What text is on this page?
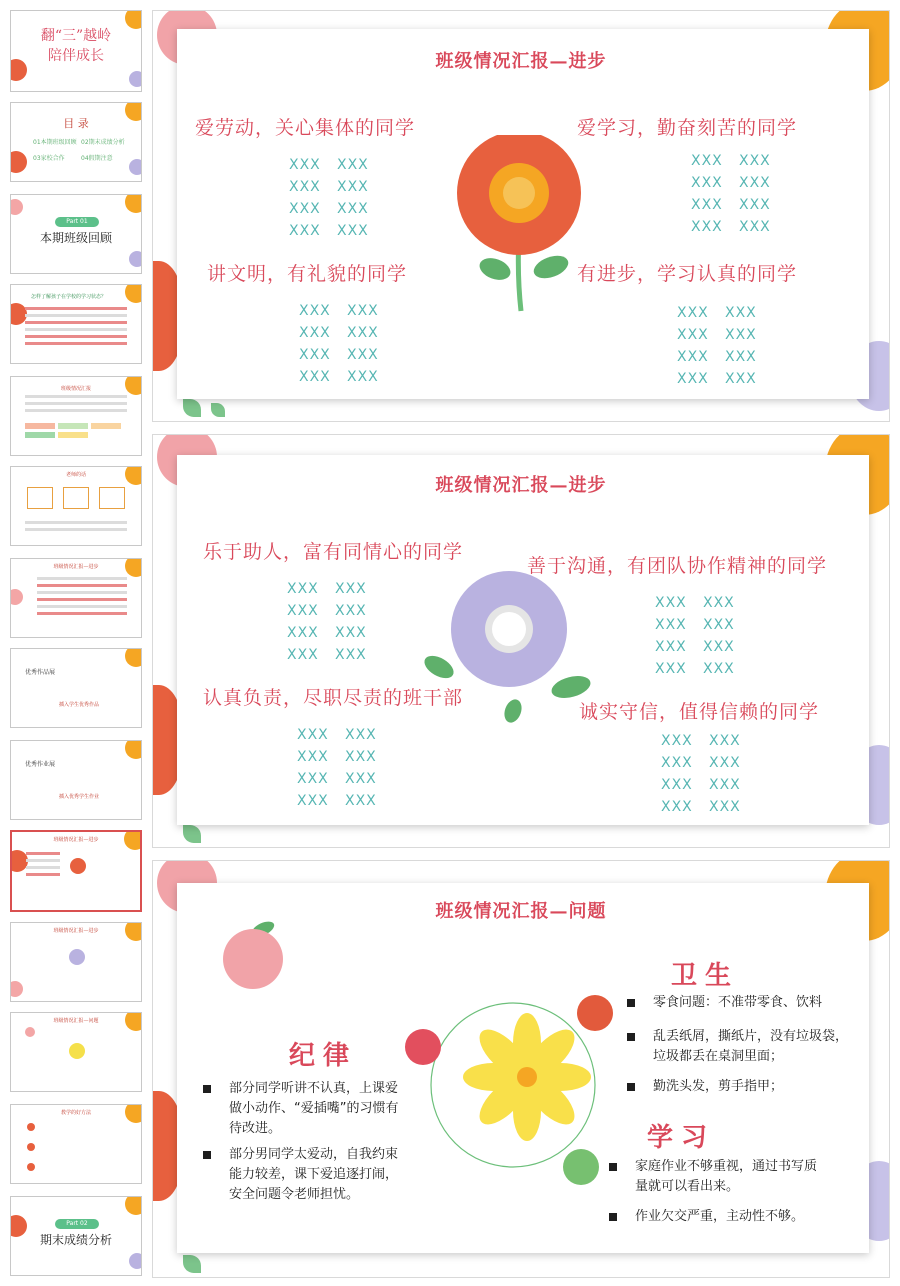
翻“三”越岭
陪伴成长
目 录
01本期班级回顾 02期末成绩分析
03家校合作	04假期注意
Part 01
本期班级回顾
怎样了解孩子在学校的学习状态？
班级情况汇报
老师的话
班级情况汇报—进步
优秀作品展
插入学生优秀作品
优秀作业展
插入优秀学生作业
班级情况汇报—进步
班级情况汇报—进步
班级情况汇报—问题
教学的好方法
Part 02
期末成绩分析
班级情况汇报—进步
爱劳动，关心集体的同学
XXX	XXX
XXX	XXX
XXX	XXX
XXX	XXX
爱学习，勤奋刻苦的同学
XXX	XXX
XXX	XXX
XXX	XXX
XXX	XXX
讲文明，有礼貌的同学
XXX	XXX
XXX	XXX
XXX	XXX
XXX	XXX
有进步，学习认真的同学
XXX	XXX
XXX	XXX
XXX	XXX
XXX	XXX
班级情况汇报—进步
乐于助人，富有同情心的同学
XXX	XXX
XXX	XXX
XXX	XXX
XXX	XXX
善于沟通，有团队协作精神的同学
XXX	XXX
XXX	XXX
XXX	XXX
XXX	XXX
认真负责，尽职尽责的班干部
XXX	XXX
XXX	XXX
XXX	XXX
XXX	XXX
诚实守信，值得信赖的同学
XXX	XXX
XXX	XXX
XXX	XXX
XXX	XXX
班级情况汇报—问题
纪律
部分同学听讲不认真，上课爱做小动作、“爱插嘴”的习惯有待改进。
部分男同学太爱动，自我约束能力较差，课下爱追逐打闹，安全问题令老师担忧。
卫生
零食问题：不准带零食、饮料
乱丢纸屑，撕纸片，没有垃圾袋，垃圾都丢在桌洞里面；
勤洗头发，剪手指甲；
学习
家庭作业不够重视，通过书写质量就可以看出来。
作业欠交严重，主动性不够。
